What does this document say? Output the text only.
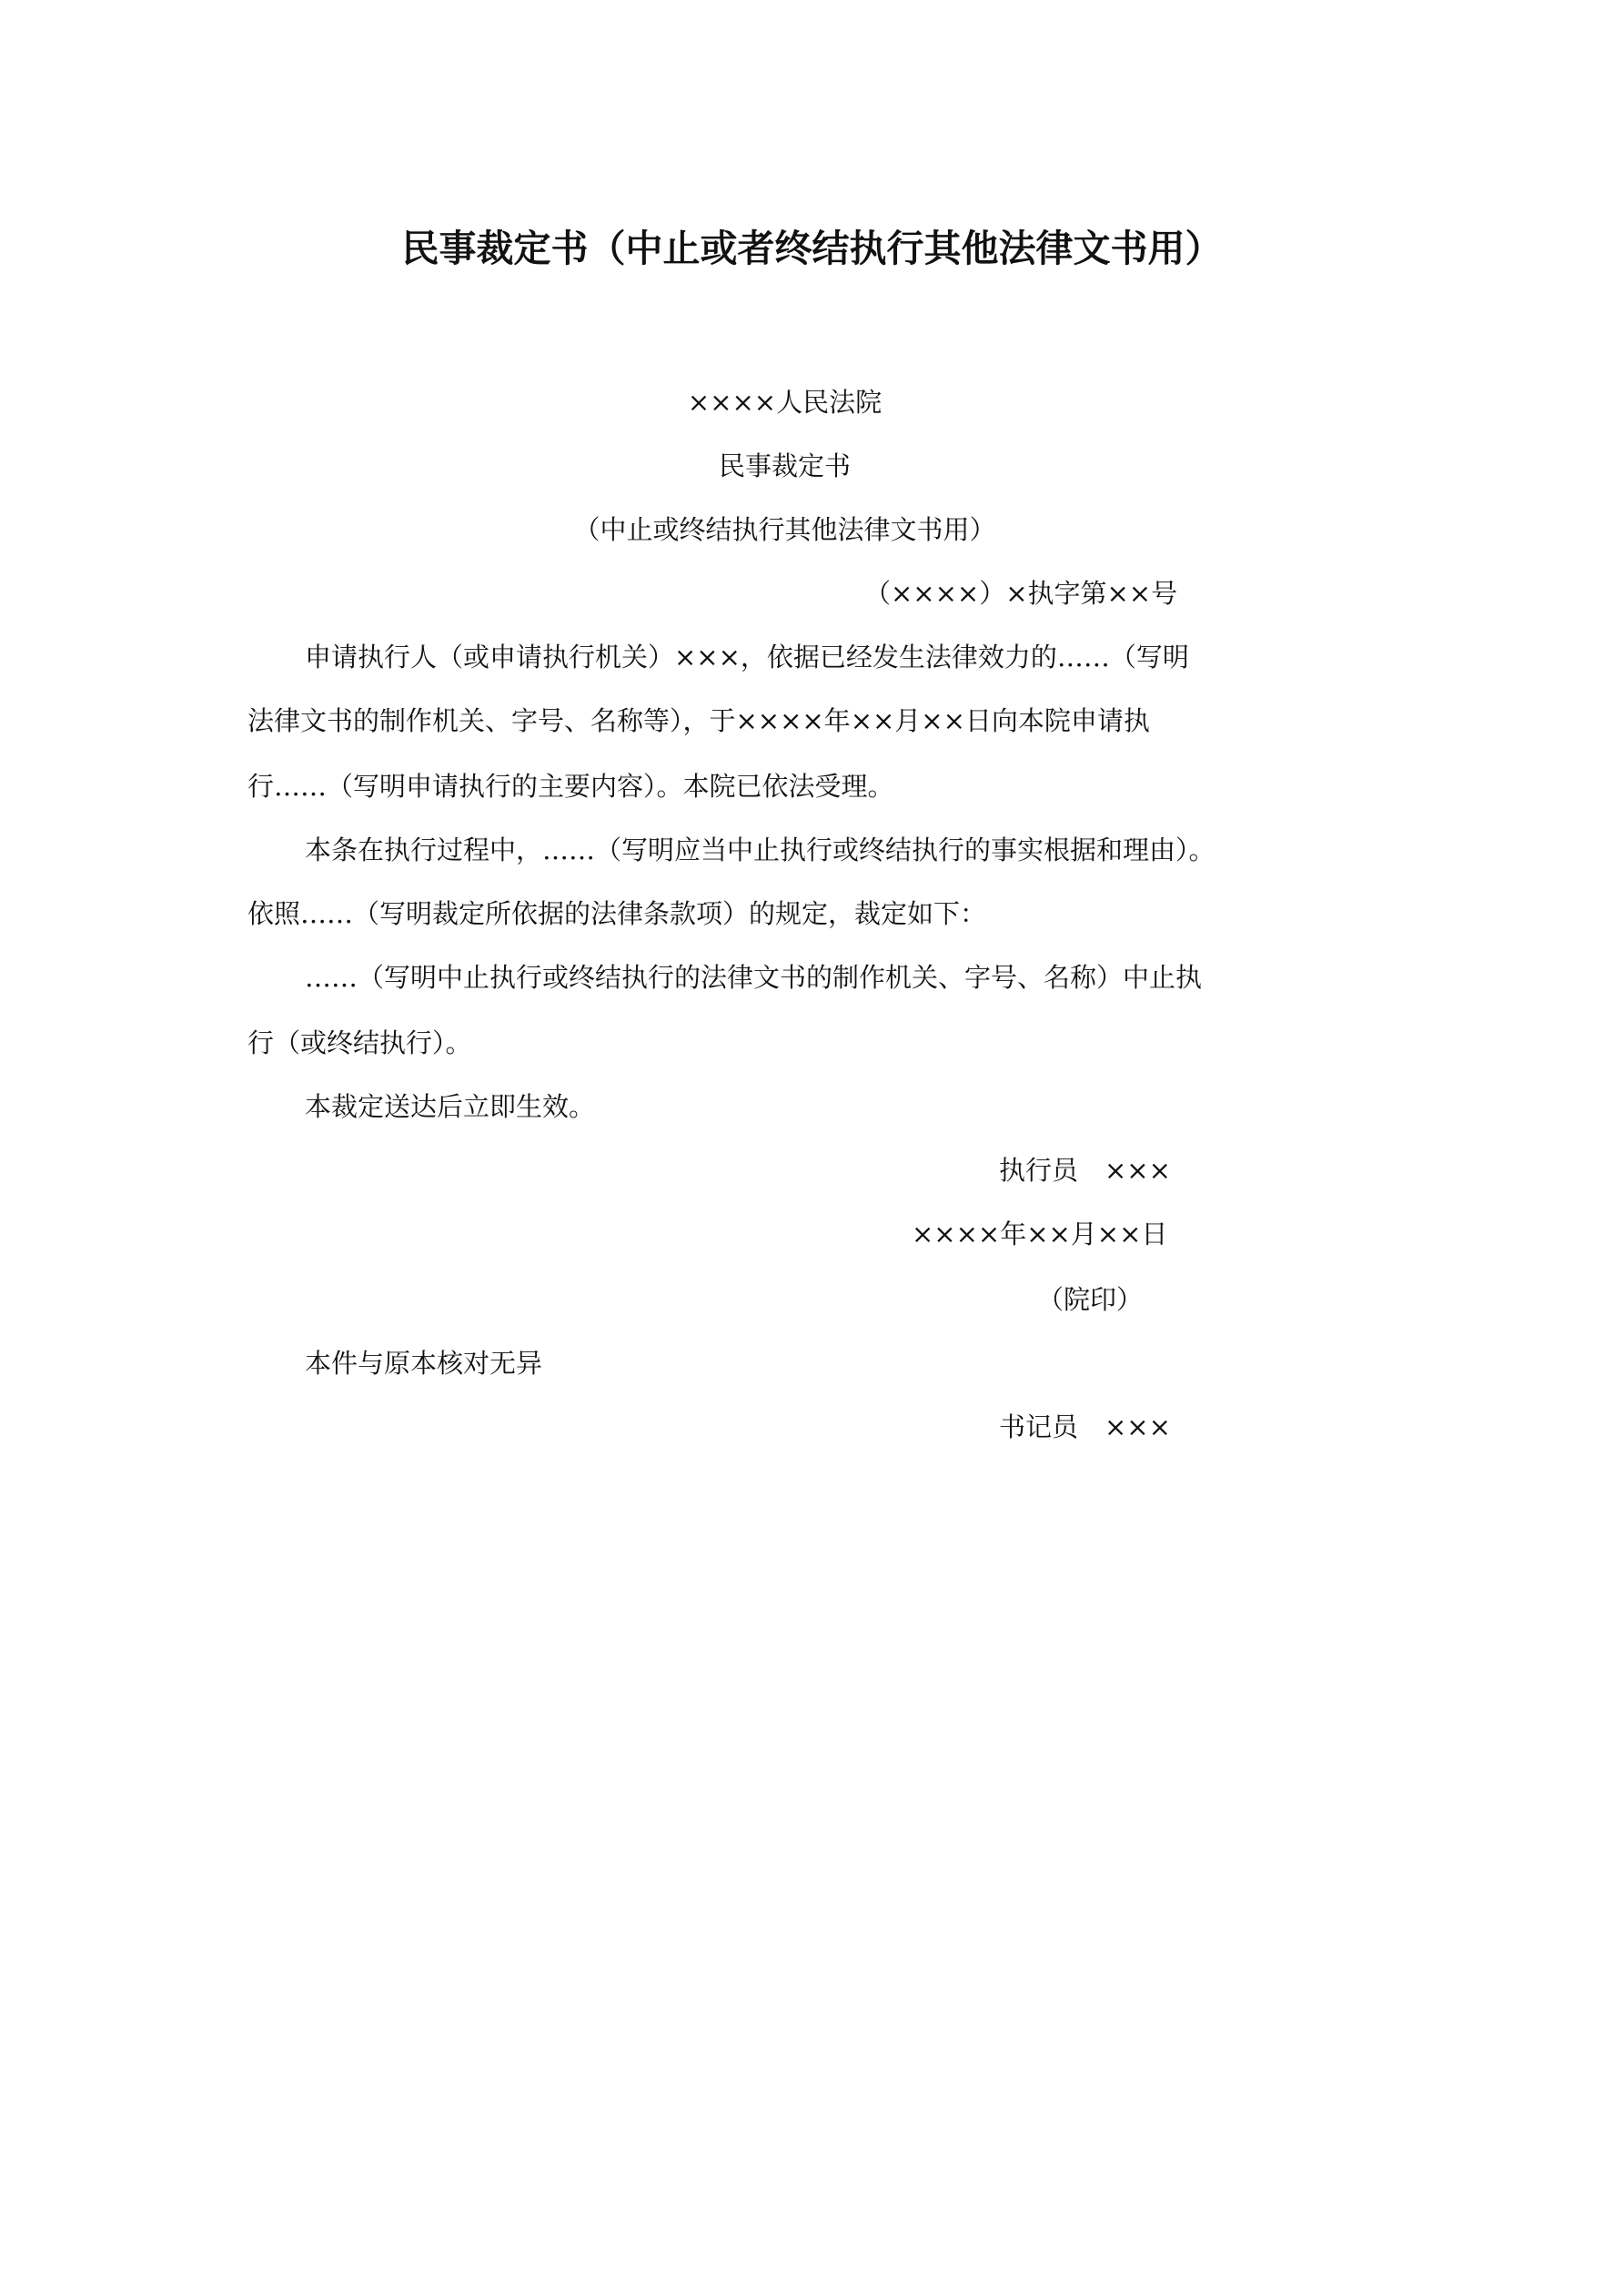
民事裁定书（中止或者终结执行其他法律文书用）
××××人民法院
民事裁定书
（中止或终结执行其他法律文书用）
（××××）×执字第××号
申请执行人（或申请执行机关）×××，依据已经发生法律效力的……（写明
法律文书的制作机关、字号、名称等），于××××年××月××日向本院申请执
行……（写明申请执行的主要内容）。本院已依法受理。
本条在执行过程中，……（写明应当中止执行或终结执行的事实根据和理由）。
依照……（写明裁定所依据的法律条款项）的规定，裁定如下：
……（写明中止执行或终结执行的法律文书的制作机关、字号、名称）中止执
行（或终结执行）。
本裁定送达后立即生效。
执行员　×××
××××年××月××日
（院印）
本件与原本核对无异
书记员　×××
